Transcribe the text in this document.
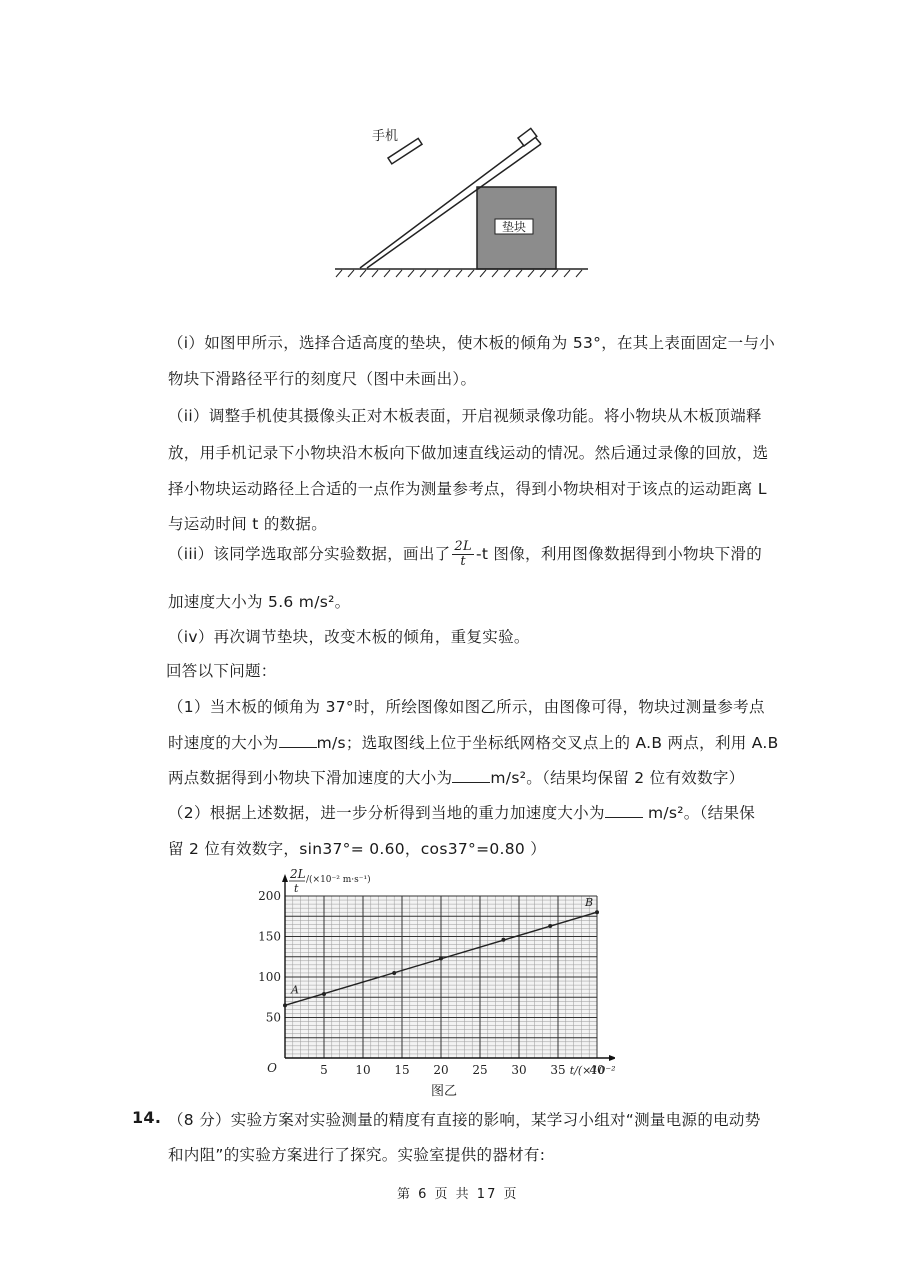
手机
垫块
（i）如图甲所示，选择合适高度的垫块，使木板的倾角为 53°，在其上表面固定一与小
物块下滑路径平行的刻度尺（图中未画出）。
（ii）调整手机使其摄像头正对木板表面，开启视频录像功能。将小物块从木板顶端释
放，用手机记录下小物块沿木板向下做加速直线运动的情况。然后通过录像的回放，选
择小物块运动路径上合适的一点作为测量参考点，得到小物块相对于该点的运动距离 L
与运动时间 t 的数据。
（iii）该同学选取部分实验数据，画出了 $\frac{2L}{t} -t$ 图像，利用图像数据得到小物块下滑的
加速度大小为 5.6 m/s²。
（iv）再次调节垫块，改变木板的倾角，重复实验。
回答以下问题：
（1）当木板的倾角为 37°时，所绘图像如图乙所示，由图像可得，物块过测量参考点
时速度的大小为 m/s；选取图线上位于坐标纸网格交叉点上的 A.B 两点，利用 A.B
两点数据得到小物块下滑加速度的大小为 m/s²。（结果均保留 2 位有效数字）
（2）根据上述数据，进一步分析得到当地的重力加速度大小为	m/s²。（结果保
留 2 位有效数字，sin37°= 0.60，cos37°=0.80 ）
5 10 15 20 25 30 35 40
50
100
150
200
O
A
B
2L
t
/(×10⁻² m·s⁻¹)
t/(×10⁻²
图乙
14. （8 分）实验方案对实验测量的精度有直接的影响，某学习小组对“测量电源的电动势
和内阻”的实验方案进行了探究。实验室提供的器材有:
第 6 页 共 17 页
